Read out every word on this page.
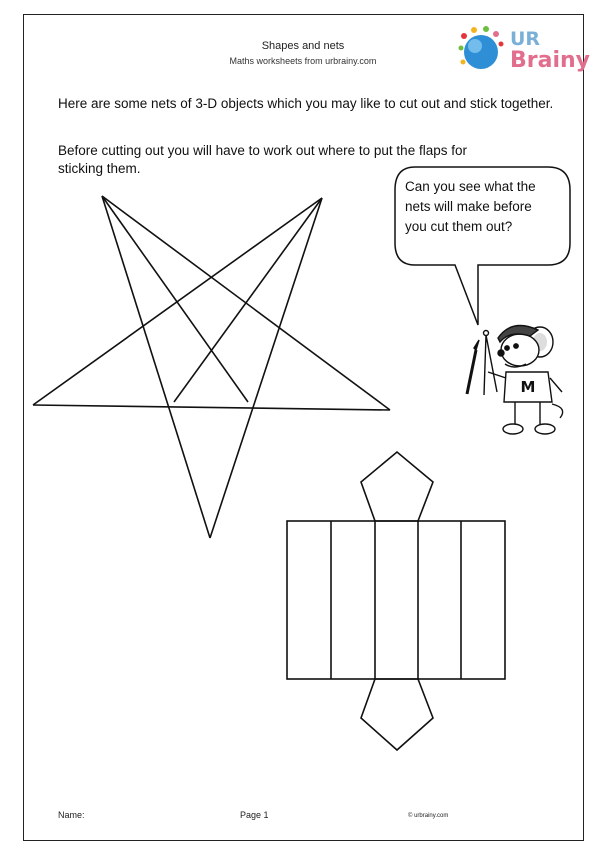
Shapes and nets
Maths worksheets from urbrainy.com
UR
Brainy
Here are some nets of 3-D objects which you may like to cut out and stick together.
Before cutting out you will have to work out where to put the flaps for sticking them.
M
Can you see what the nets will make before you cut them out?
Name:	Page 1	© urbrainy.com
